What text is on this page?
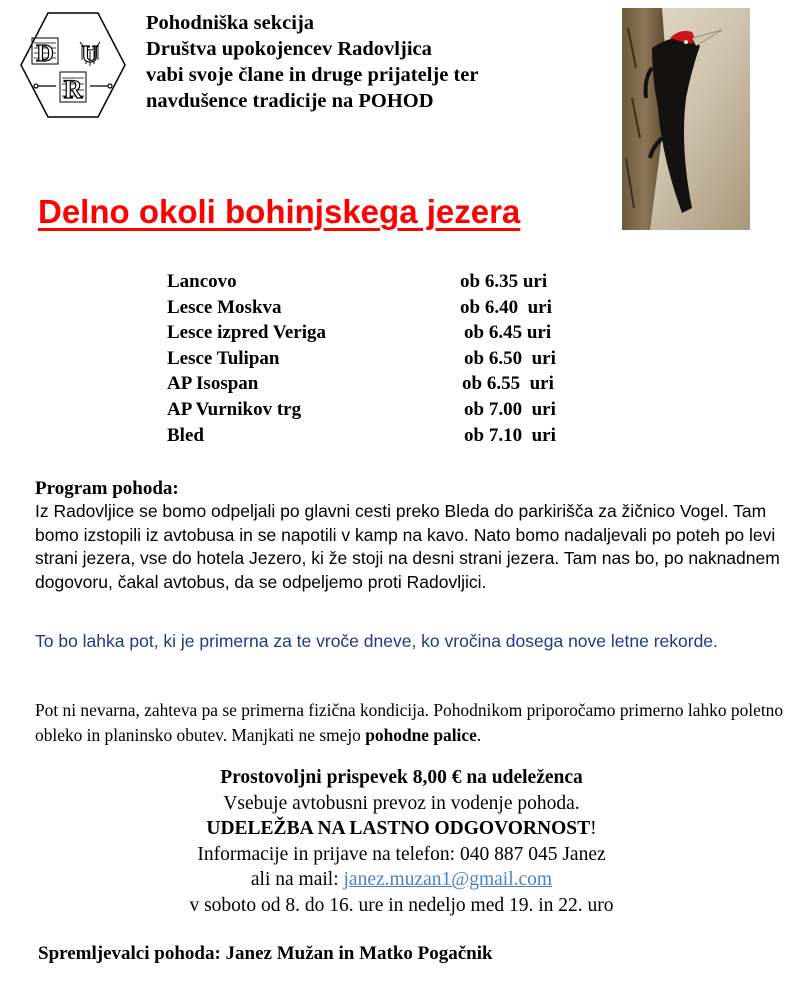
D U
R
Pohodniška sekcija
Društva upokojencev Radovljica
vabi svoje člane in druge prijatelje ter
navdušence tradicije na POHOD
Delno okoli bohinjskega jezera
Lancovo	ob 6.35 uri
Lesce Moskva	ob 6.40  uri
Lesce izpred Veriga	ob 6.45 uri
Lesce Tulipan	ob 6.50  uri
AP Isospan	ob 6.55  uri
AP Vurnikov trg	ob 7.00  uri
Bled	ob 7.10  uri
Program pohoda:
Iz Radovljice se bomo odpeljali po glavni cesti preko Bleda do parkirišča za žičnico Vogel. Tam bomo izstopili iz avtobusa in se napotili v kamp na kavo. Nato bomo nadaljevali po poteh po levi strani jezera, vse do hotela Jezero, ki že stoji na desni strani jezera. Tam nas bo, po naknadnem dogovoru, čakal avtobus, da se odpeljemo proti Radovljici.
To bo lahka pot, ki je primerna za te vroče dneve, ko vročina dosega nove letne rekorde.
Pot ni nevarna, zahteva pa se primerna fizična kondicija. Pohodnikom priporočamo primerno lahko poletno obleko in planinsko obutev. Manjkati ne smejo pohodne palice.
Prostovoljni prispevek 8,00 € na udeleženca
Vsebuje avtobusni prevoz in vodenje pohoda.
UDELEŽBA NA LASTNO ODGOVORNOST!
Informacije in prijave na telefon: 040 887 045 Janez
ali na mail: janez.muzan1@gmail.com
v soboto od 8. do 16. ure in nedeljo med 19. in 22. uro
Spremljevalci pohoda: Janez Mužan in Matko Pogačnik
